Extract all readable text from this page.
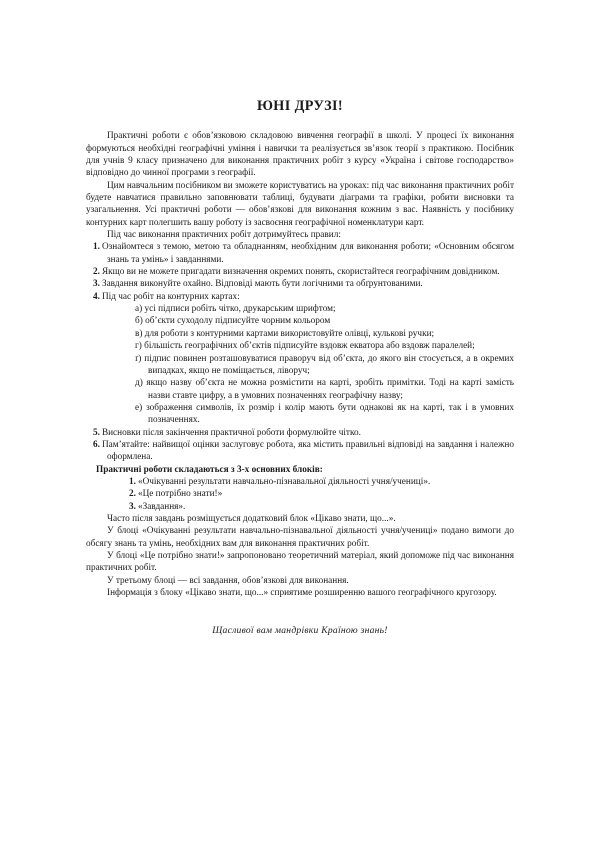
ЮНІ ДРУЗІ!

Практичні роботи є обов’язковою складовою вивчення географії в школі. У процесі їх виконання формуються необхідні географічні уміння і навички та реалізується зв’язок теорії з практикою. Посібник для учнів 9 класу призначено для виконання практичних робіт з курсу «Україна і світове господарство» відповідно до чинної програми з географії.

Цим навчальним посібником ви зможете користуватись на уроках: під час виконання практичних робіт будете навчатися правильно заповнювати таблиці, будувати діаграми та графіки, робити висновки та узагальнення. Усі практичні роботи — обов’язкові для виконання кожним з вас. Наявність у посібнику контурних карт полегшить вашу роботу із засвоєння географічної номенклатури карт.

Під час виконання практичних робіт дотримуйтесь правил:

1. Ознайомтеся з темою, метою та обладнанням, необхідним для виконання роботи; «Основним обсягом знань та умінь» і завданнями.
2. Якщо ви не можете пригадати визначення окремих понять, скористайтеся географічним довідником.
3. Завдання виконуйте охайно. Відповіді мають бути логічними та обґрунтованими.
4. Під час робіт на контурних картах:
а) усі підписи робіть чітко, друкарським шрифтом;
б) об’єкти суходолу підписуйте чорним кольором
в) для роботи з контурними картами використовуйте олівці, кулькові ручки;
г) більшість географічних об’єктів підписуйте вздовж екватора або вздовж паралелей;
ґ) підпис повинен розташовуватися праворуч від об’єкта, до якого він стосується, а в окремих випадках, якщо не поміщається, ліворуч;
д) якщо назву об’єкта не можна розмістити на карті, зробіть примітки. Тоді на карті замість назви ставте цифру, а в умовних позначеннях географічну назву;
е) зображення символів, їх розмір і колір мають бути однакові як на карті, так і в умовних позначеннях.
5. Висновки після закінчення практичної роботи формулюйте чітко.
6. Пам’ятайте: найвищої оцінки заслуговує робота, яка містить правильні відповіді на завдання і належно оформлена.

Практичні роботи складаються з 3-х основних блоків:

1. «Очікуванні результати навчально-пізнавальної діяльності учня/учениці».
2. «Це потрібно знати!»
3. «Завдання».

Часто після завдань розміщується додатковий блок «Цікаво знати, що...».

У блоці «Очікуванні результати навчально-пізнавальної діяльності учня/учениці» подано вимоги до обсягу знань та умінь, необхідних вам для виконання практичних робіт.

У блоці «Це потрібно знати!» запропоновано теоретичний матеріал, який допоможе під час виконання практичних робіт.

У третьому блоці — всі завдання, обов’язкові для виконання.

Інформація з блоку «Цікаво знати, що...» сприятиме розширенню вашого географічного кругозору.

Щасливої вам мандрівки Країною знань!
